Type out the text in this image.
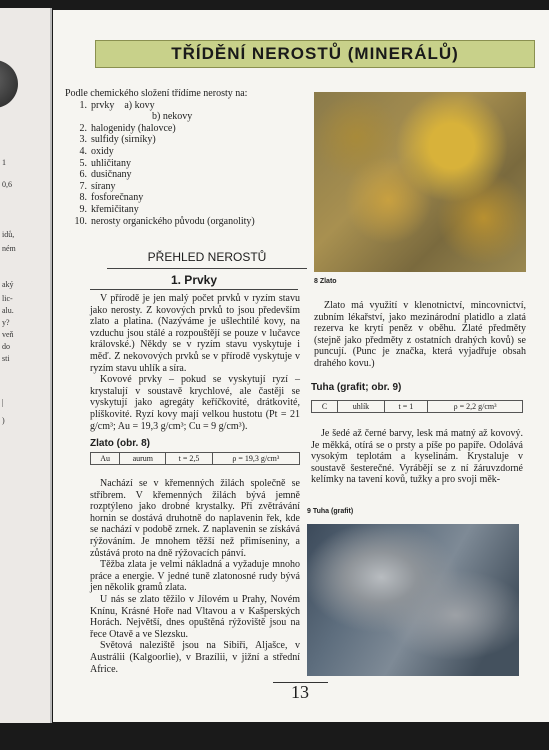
1
0,6
idů,
ném
aký
lic-
alu.
y?
veň
do
sti
|
)
TŘÍDĚNÍ NEROSTŮ (MINERÁLŮ)
Podle chemického složení třídíme nerosty na:
1. prvky a) kovy
b) nekovy
2. halogenidy (halovce)
3. sulfidy (sirníky)
4. oxidy
5. uhličitany
6. dusičnany
7. sírany
8. fosforečnany
9. křemičitany
10. nerosty organického původu (organolity)
PŘEHLED NEROSTŮ
1. Prvky

V přírodě je jen malý počet prvků v ryzím stavu jako nerosty. Z kovových prvků to jsou především zlato a platina. (Nazýváme je ušlechtilé kovy, na vzduchu jsou stálé a rozpouštějí se pouze v lučavce královské.) Někdy se v ryzím stavu vyskytuje i měď. Z nekovových prvků se v přírodě vyskytuje v ryzím stavu uhlík a síra.

Kovové prvky – pokud se vyskytují ryzí – krystalují v soustavě krychlové, ale častěji se vyskytují jako agregáty keříčkovité, drátkovité, plíškovité. Ryzí kovy mají velkou hustotu (Pt = 21 g/cm³; Au = 19,3 g/cm³; Cu = 9 g/cm³).

Zlato (obr. 8)
Au	aurum	t = 2,5	ρ = 19,3 g/cm³

Nachází se v křemenných žilách společně se stříbrem. V křemenných žilách bývá jemně rozptýleno jako drobné krystalky. Při zvětrávání hornin se dostává druhotně do naplavenin řek, kde se nachází v podobě zrnek. Z naplavenin se získává rýžováním. Je mnohem těžší než přimíseniny, a zůstává proto na dně rýžovacích pánví.

Těžba zlata je velmi nákladná a vyžaduje mnoho práce a energie. V jedné tuně zlatonosné rudy bývá jen několik gramů zlata.

U nás se zlato těžilo v Jílovém u Prahy, Novém Knínu, Krásné Hoře nad Vltavou a v Kašperských Horách. Největší, dnes opuštěná rýžoviště jsou na řece Otavě a ve Slezsku.

Světová naleziště jsou na Sibiři, Aljašce, v Austrálii (Kalgoorlie), v Brazílii, v jižní a střední Africe.

8 Zlato

Zlato má využití v klenotnictví, mincovnictví, zubním lékařství, jako mezinárodní platidlo a zlatá rezerva ke krytí peněz v oběhu. Zlaté předměty (stejně jako předměty z ostatních drahých kovů) se puncují. (Punc je značka, která vyjadřuje obsah drahého kovu.)

Tuha (grafit; obr. 9)
C	uhlík	t = 1	ρ = 2,2 g/cm³

Je šedé až černé barvy, lesk má matný až kovový. Je měkká, otírá se o prsty a píše po papíře. Odolává vysokým teplotám a kyselinám. Krystaluje v soustavě šesterečné. Vyrábějí se z ní žáruvzdorné kelímky na tavení kovů, tužky a pro svoji měk-

9 Tuha (grafit)
13
